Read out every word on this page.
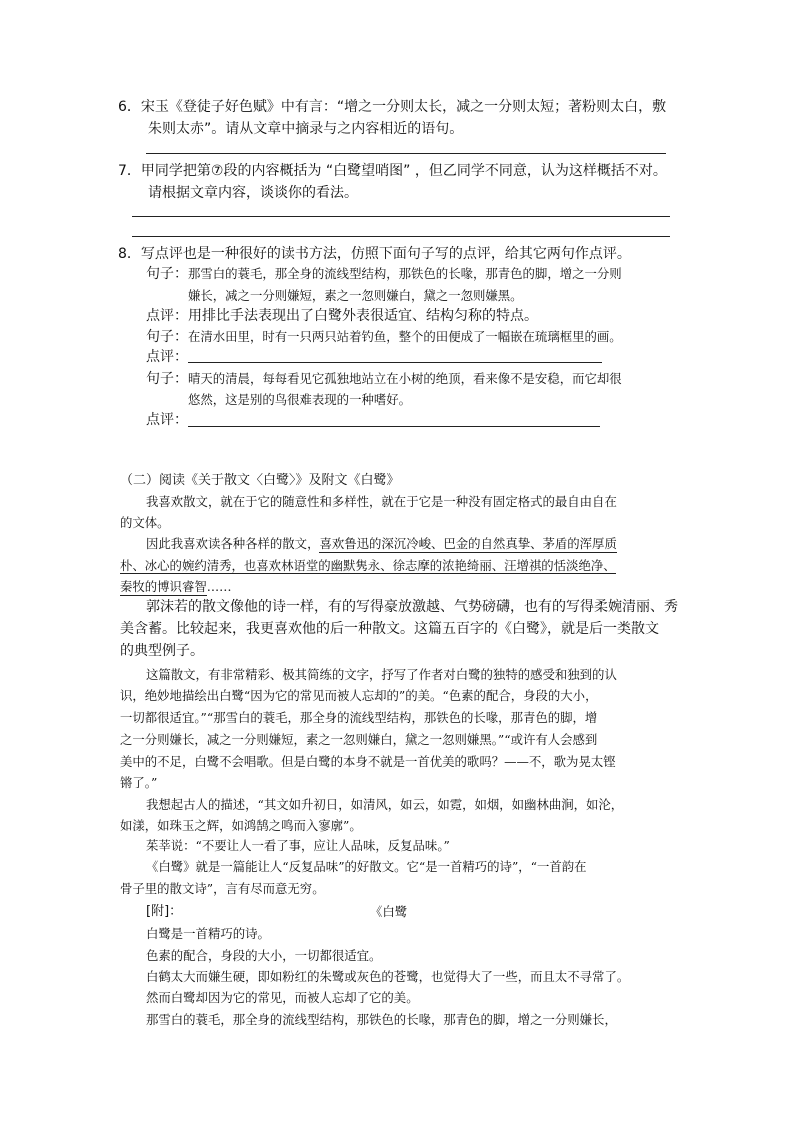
6．宋玉《登徒子好色赋》中有言：“增之一分则太长，减之一分则太短；著粉则太白，敷
朱则太赤”。请从文章中摘录与之内容相近的语句。
7．甲同学把第⑦段的内容概括为 “白鹭望哨图” ，但乙同学不同意，认为这样概括不对。
请根据文章内容，谈谈你的看法。
8．写点评也是一种很好的读书方法，仿照下面句子写的点评，给其它两句作点评。
句子： 那雪白的蓑毛，那全身的流线型结构，那铁色的长喙，那青色的脚，增之一分则
嫌长，减之一分则嫌短，素之一忽则嫌白，黛之一忽则嫌黑。
点评：用排比手法表现出了白鹭外表很适宜、结构匀称的特点。
句子： 在清水田里，时有一只两只站着钓鱼，整个的田便成了一幅嵌在琉璃框里的画。
点评：
句子： 晴天的清晨，每每看见它孤独地站立在小树的绝顶，看来像不是安稳，而它却很
悠然，这是别的鸟很难表现的一种嗜好。
点评：
（二）阅读《关于散文〈白鹭〉》及附文《白鹭》
我喜欢散文，就在于它的随意性和多样性，就在于它是一种没有固定格式的最自由自在
的文体。
因此我喜欢读各种各样的散文，喜欢鲁迅的深沉冷峻、巴金的自然真挚、茅盾的浑厚质
朴、冰心的婉约清秀，也喜欢林语堂的幽默隽永、徐志摩的浓艳绮丽、汪增祺的恬淡绝净、
秦牧的博识睿智……
郭沫若的散文像他的诗一样，有的写得豪放激越、气势磅礴，也有的写得柔婉清丽、秀
美含蓄。比较起来，我更喜欢他的后一种散文。这篇五百字的《白鹭》，就是后一类散文
的典型例子。
这篇散文，有非常精彩、极其简练的文字，抒写了作者对白鹭的独特的感受和独到的认
识，绝妙地描绘出白鹭“因为它的常见而被人忘却的”的美。“色素的配合，身段的大小，
一切都很适宜。”“那雪白的蓑毛，那全身的流线型结构，那铁色的长喙，那青色的脚，增
之一分则嫌长，减之一分则嫌短，素之一忽则嫌白，黛之一忽则嫌黑。”“或许有人会感到
美中的不足，白鹭不会唱歌。但是白鹭的本身不就是一首优美的歌吗？——不，歌为晃太铿
锵了。”
我想起古人的描述，“其文如升初日，如清风，如云，如霓，如烟，如幽林曲涧，如沦，
如漾，如珠玉之辉，如鸿鹄之鸣而入寥廓”。
茱莘说：“不要让人一看了事，应让人品味，反复品味。”
《白鹭》就是一篇能让人“反复品味”的好散文。它“是一首精巧的诗”，“一首韵在
骨子里的散文诗”，言有尽而意无穷。
[附]：	《白鹭
白鹭是一首精巧的诗。
色素的配合，身段的大小，一切都很适宜。
白鹤太大而嫌生硬，即如粉红的朱鹭或灰色的苍鹭，也觉得大了一些，而且太不寻常了。
然而白鹭却因为它的常见，而被人忘却了它的美。
那雪白的蓑毛，那全身的流线型结构，那铁色的长喙，那青色的脚，增之一分则嫌长，
